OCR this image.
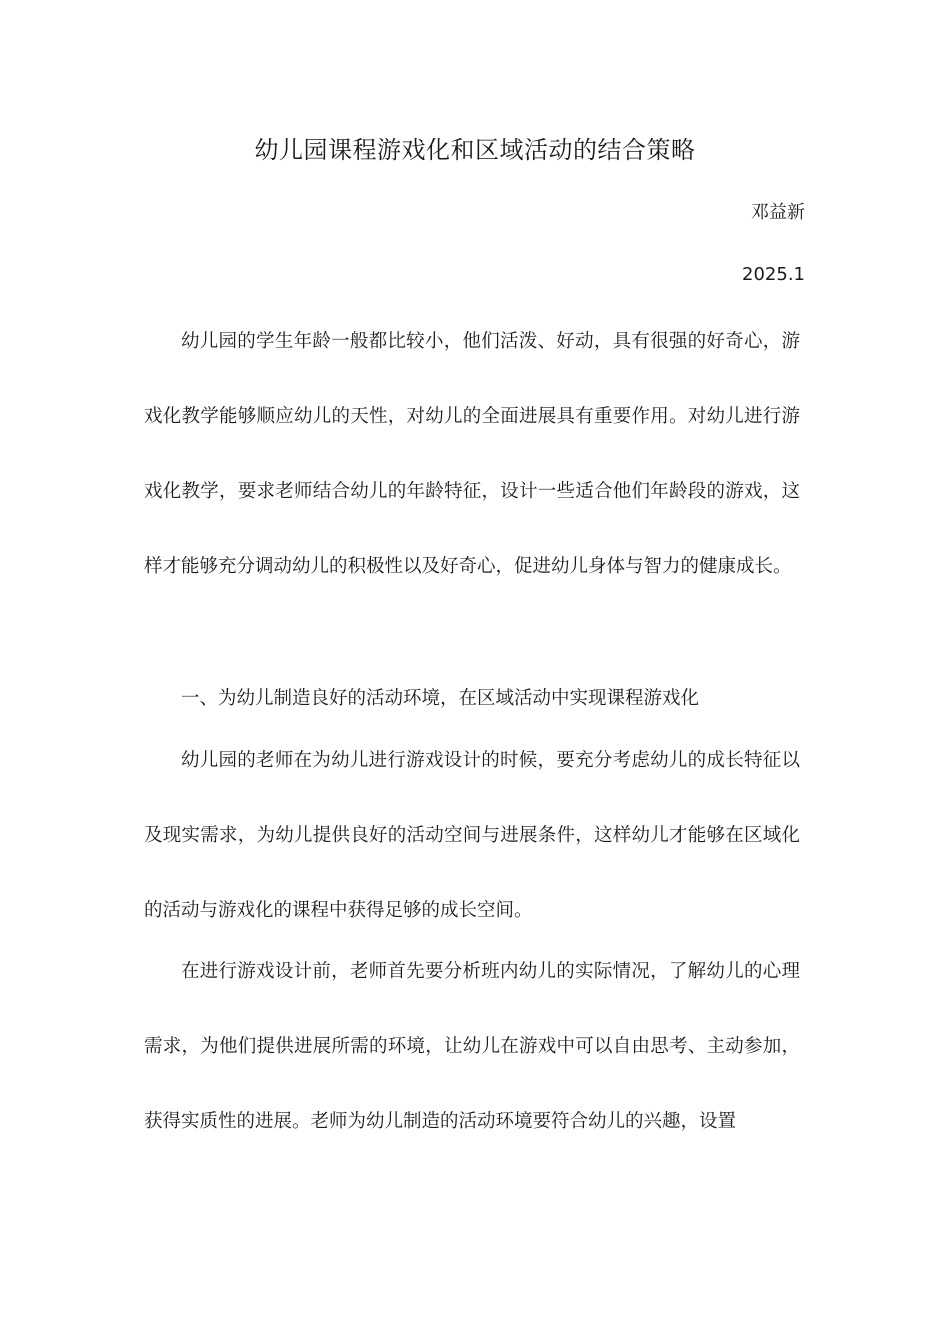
幼儿园课程游戏化和区域活动的结合策略
邓益新
2025.1

幼儿园的学生年龄一般都比较小，他们活泼、好动，具有很强的好奇心，游戏化教学能够顺应幼儿的天性，对幼儿的全面进展具有重要作用。对幼儿进行游戏化教学，要求老师结合幼儿的年龄特征，设计一些适合他们年龄段的游戏，这样才能够充分调动幼儿的积极性以及好奇心，促进幼儿身体与智力的健康成长。

一、为幼儿制造良好的活动环境，在区域活动中实现课程游戏化

幼儿园的老师在为幼儿进行游戏设计的时候，要充分考虑幼儿的成长特征以及现实需求，为幼儿提供良好的活动空间与进展条件，这样幼儿才能够在区域化的活动与游戏化的课程中获得足够的成长空间。

在进行游戏设计前，老师首先要分析班内幼儿的实际情况，了解幼儿的心理需求，为他们提供进展所需的环境，让幼儿在游戏中可以自由思考、主动参加，获得实质性的进展。老师为幼儿制造的活动环境要符合幼儿的兴趣，设置
